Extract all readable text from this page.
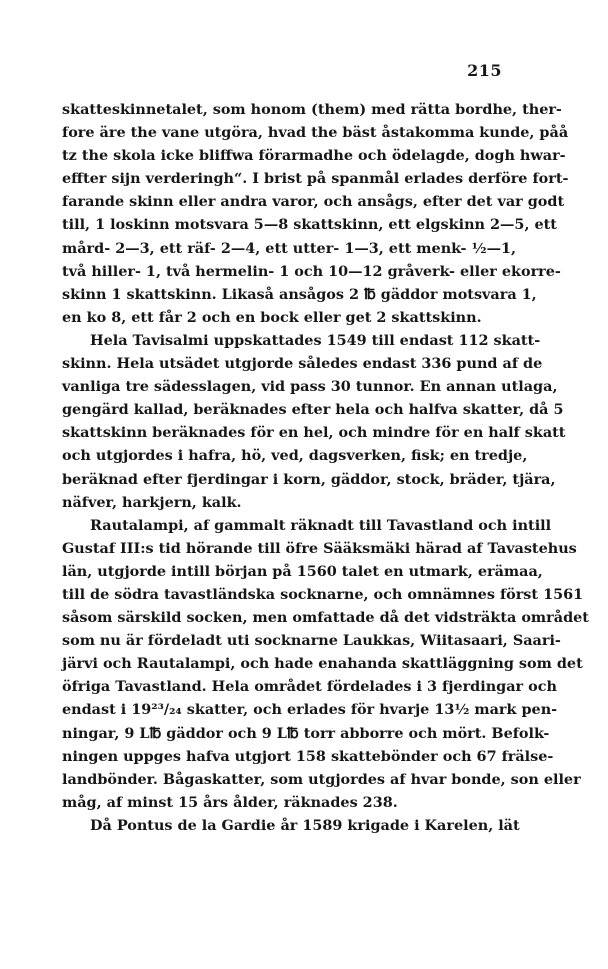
215
skatteskinnetalet, som honom (them) med rätta bordhe, ther-
fore äre the vane utgöra, hvad the bäst åstakomma kunde, påå
tz the skola icke bliffwa förarmadhe och ödelagde, dogh hwar-
effter sijn verderingh“. I brist på spanmål erlades derföre fort-
farande skinn eller andra varor, och ansågs, efter det var godt
till, 1 loskinn motsvara 5—8 skattskinn, ett elgskinn 2—5, ett
mård- 2—3, ett räf- 2—4, ett utter- 1—3, ett menk- ½—1,
två hiller- 1, två hermelin- 1 och 10—12 gråverk- eller ekorre-
skinn 1 skattskinn. Likaså ansågos 2 ℔ gäddor motsvara 1,
en ko 8, ett får 2 och en bock eller get 2 skattskinn.
Hela Tavisalmi uppskattades 1549 till endast 112 skatt-
skinn. Hela utsädet utgjorde således endast 336 pund af de
vanliga tre sädesslagen, vid pass 30 tunnor. En annan utlaga,
gengärd kallad, beräknades efter hela och halfva skatter, då 5
skattskinn beräknades för en hel, och mindre för en half skatt
och utgjordes i hafra, hö, ved, dagsverken, fisk; en tredje,
beräknad efter fjerdingar i korn, gäddor, stock, bräder, tjära,
näfver, harkjern, kalk.
Rautalampi, af gammalt räknadt till Tavastland och intill
Gustaf III:s tid hörande till öfre Sääksmäki härad af Tavastehus
län, utgjorde intill början på 1560 talet en utmark, erämaa,
till de södra tavastländska socknarne, och omnämnes först 1561
såsom särskild socken, men omfattade då det vidsträkta området
som nu är fördeladt uti socknarne Laukkas, Wiitasaari, Saari-
järvi och Rautalampi, och hade enahanda skattläggning som det
öfriga Tavastland. Hela området fördelades i 3 fjerdingar och
endast i 19²³/₂₄ skatter, och erlades för hvarje 13½ mark pen-
ningar, 9 L℔ gäddor och 9 L℔ torr abborre och mört. Befolk-
ningen uppges hafva utgjort 158 skattebönder och 67 frälse-
landbönder. Bågaskatter, som utgjordes af hvar bonde, son eller
måg, af minst 15 års ålder, räknades 238.
Då Pontus de la Gardie år 1589 krigade i Karelen, lät
